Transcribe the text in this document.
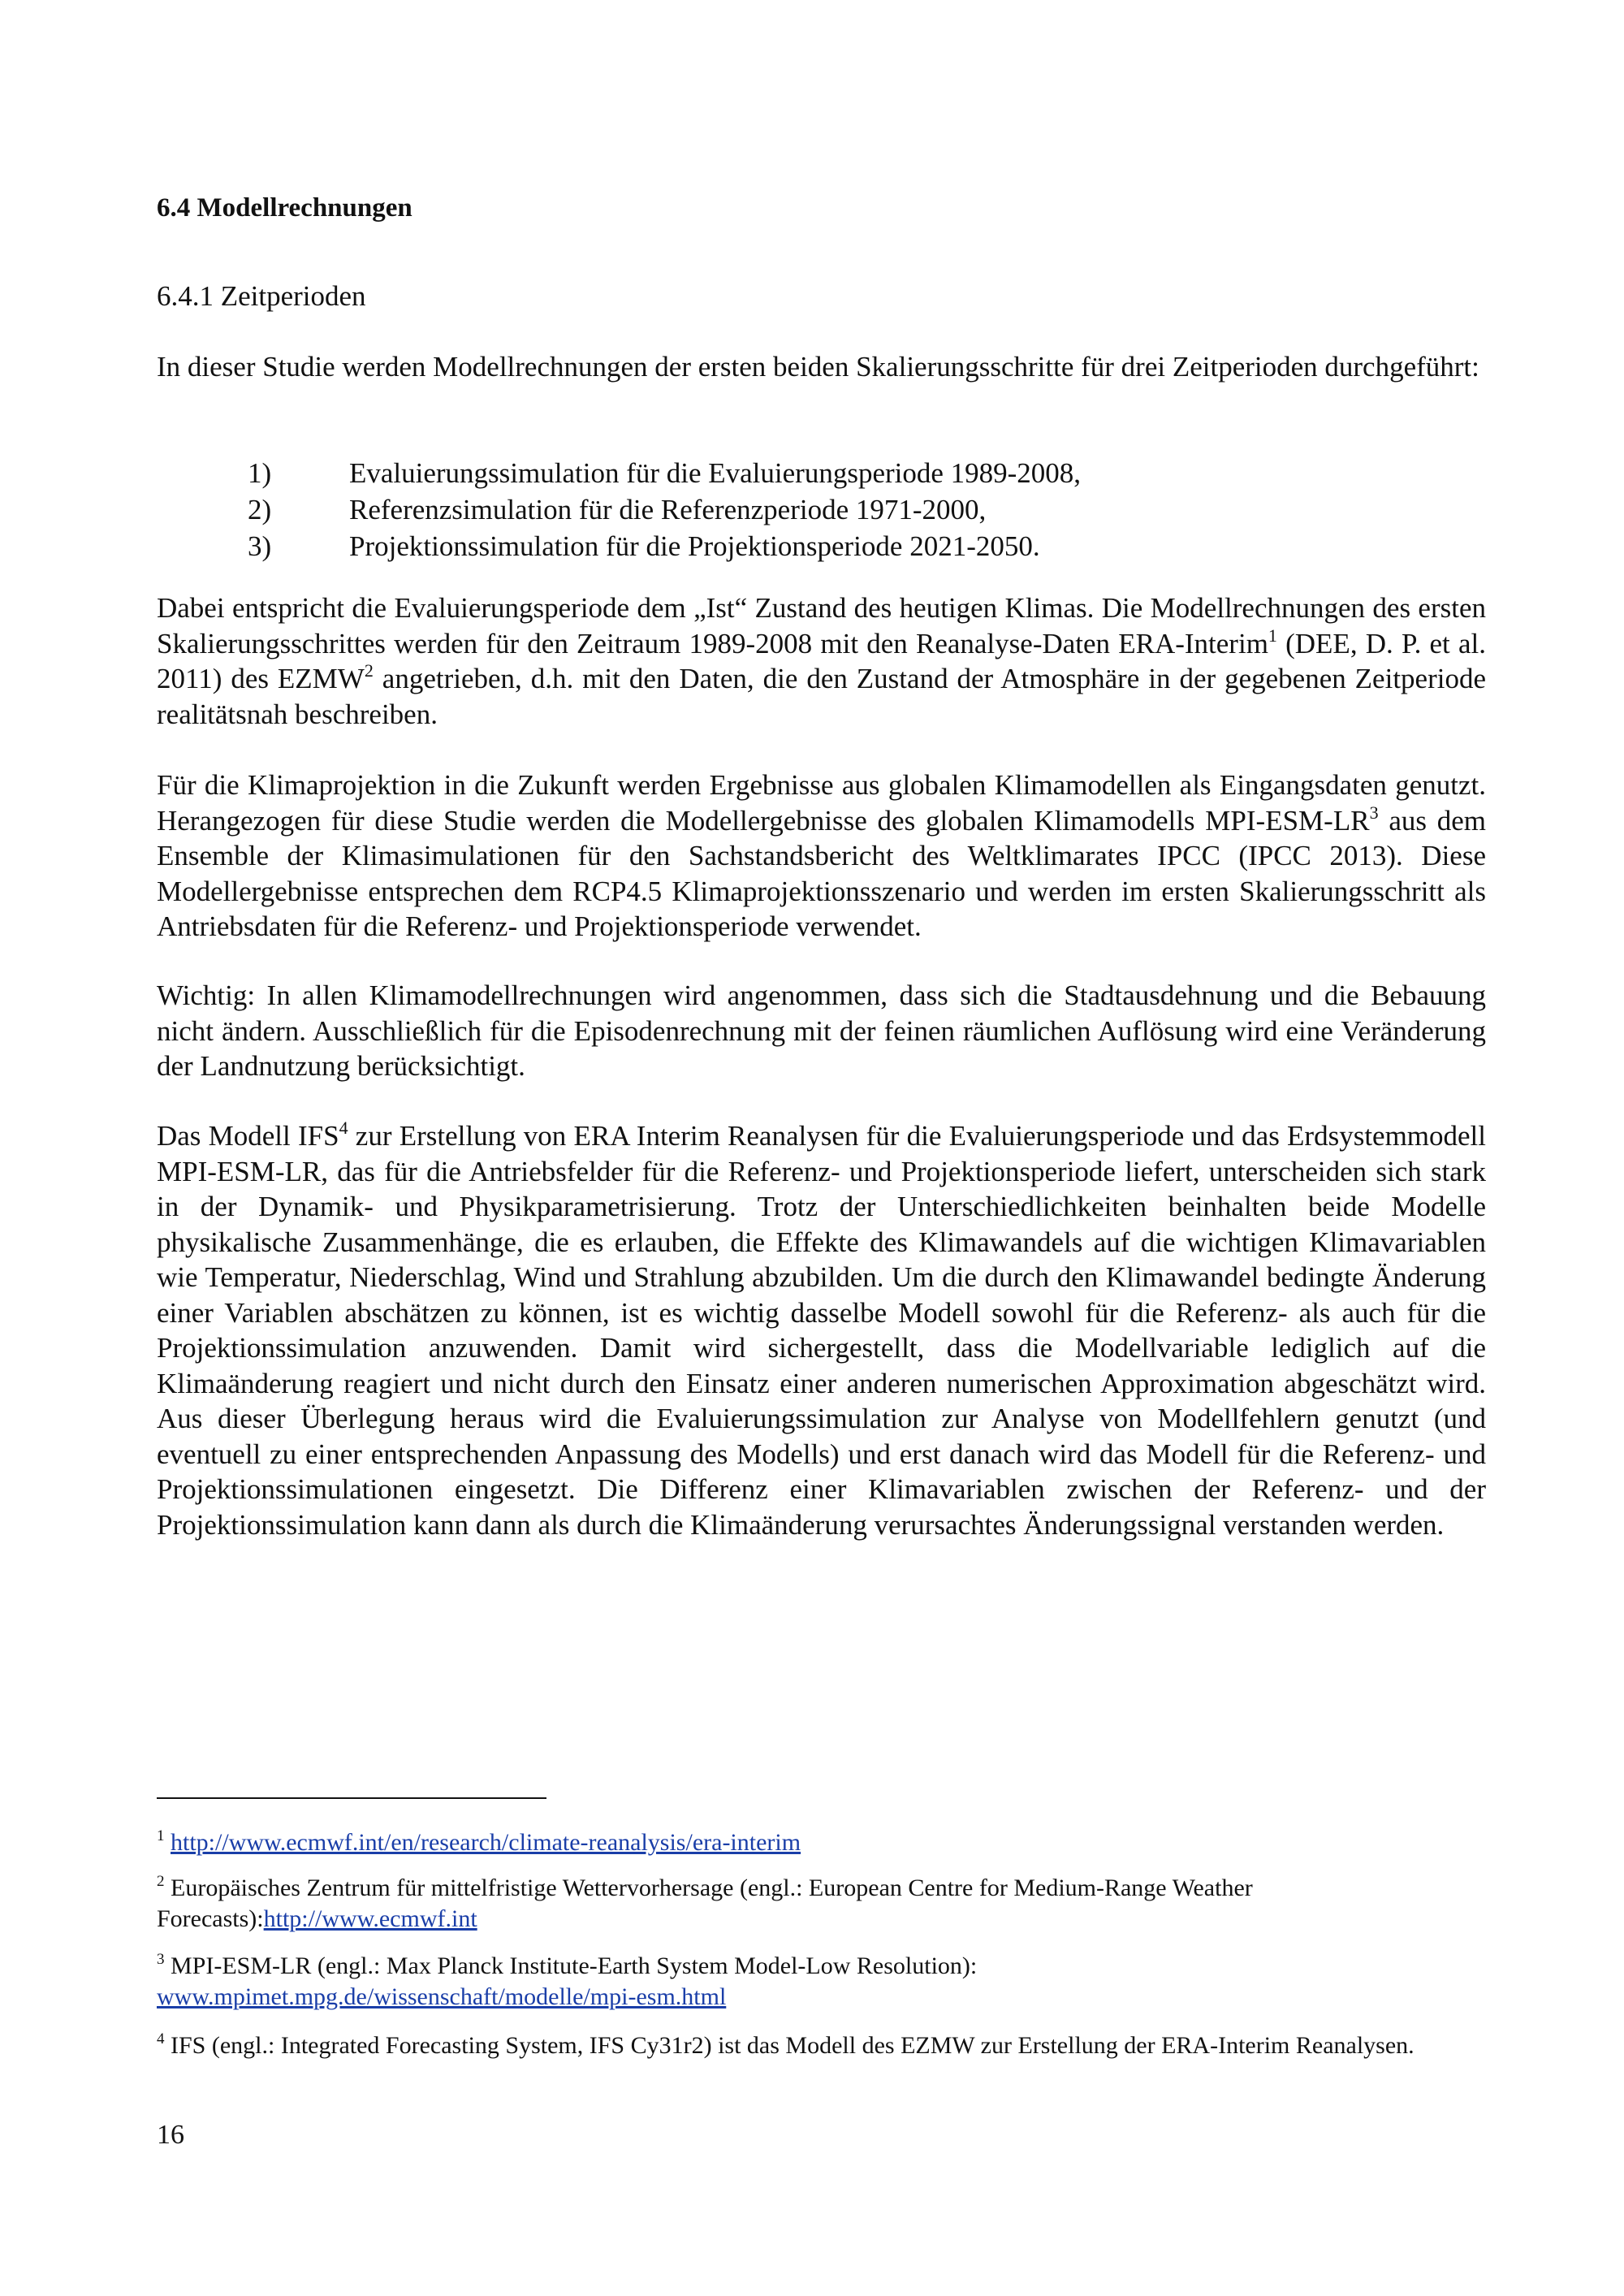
6.4 Modellrechnungen
6.4.1 Zeitperioden

In dieser Studie werden Modellrechnungen der ersten beiden Skalierungsschritte für drei Zeitperioden durchgeführt:

1)	Evaluierungssimulation für die Evaluierungsperiode 1989-2008,
2)	Referenzsimulation für die Referenzperiode 1971-2000,
3)	Projektionssimulation für die Projektionsperiode 2021-2050.

Dabei entspricht die Evaluierungsperiode dem „Ist“ Zustand des heutigen Klimas. Die Modellrechnungen des ersten Skalierungsschrittes werden für den Zeitraum 1989-2008 mit den Reanalyse-Daten ERA-Interim$^1$ (DEE, D. P. et al. 2011) des EZMW$^2$ angetrieben, d.h. mit den Daten, die den Zustand der Atmosphäre in der gegebenen Zeitperiode realitätsnah beschreiben.

Für die Klimaprojektion in die Zukunft werden Ergebnisse aus globalen Klimamodellen als Eingangsdaten genutzt. Herangezogen für diese Studie werden die Modellergebnisse des globalen Klimamodells MPI-$ESM-LR^3$ aus dem Ensemble der Klimasimulationen für den Sachstandsbericht des Weltklimarates IPCC (IPCC 2013). Diese Modellergebnisse entsprechen dem RCP4.5 Klimaprojektionsszenario und werden im ersten Skalierungsschritt als Antriebsdaten für die Referenz- und Projektionsperiode verwendet.

Wichtig: In allen Klimamodellrechnungen wird angenommen, dass sich die Stadtausdehnung und die Bebauung nicht ändern. Ausschließlich für die Episodenrechnung mit der feinen räumlichen Auflösung wird eine Veränderung der Landnutzung berücksichtigt.

Das Modell IFS$^4$ zur Erstellung von ERA Interim Reanalysen für die Evaluierungsperiode und das Erdsystemmodell MPI-ESM-LR, das für die Antriebsfelder für die Referenz- und Projektionsperiode liefert, unterscheiden sich stark in der Dynamik- und Physikparametrisierung. Trotz der Unterschiedlichkeiten beinhalten beide Modelle physikalische Zusammenhänge, die es erlauben, die Effekte des Klimawandels auf die wichtigen Klimavariablen wie Temperatur, Niederschlag, Wind und Strahlung abzubilden. Um die durch den Klimawandel bedingte Änderung einer Variablen abschätzen zu können, ist es wichtig dasselbe Modell sowohl für die Referenz- als auch für die Projektionssimulation anzuwenden. Damit wird sichergestellt, dass die Modellvariable lediglich auf die Klimaänderung reagiert und nicht durch den Einsatz einer anderen numerischen Approximation abgeschätzt wird. Aus dieser Überlegung heraus wird die Evaluierungssimulation zur Analyse von Modellfehlern genutzt (und eventuell zu einer entsprechenden Anpassung des Modells) und erst danach wird das Modell für die Referenz- und Projektionssimulationen eingesetzt. Die Differenz einer Klimavariablen zwischen der Referenz- und der Projektionssimulation kann dann als durch die Klimaänderung verursachtes Änderungssignal verstanden werden.

$^1$ http://www.ecmwf.int/en/research/climate-reanalysis/era-interim

$^2$ Europäisches Zentrum für mittelfristige Wettervorhersage (engl.: European Centre for Medium-Range Weather Forecasts):http://www.ecmwf.int

$^3$ MPI-ESM-LR (engl.: Max Planck Institute-Earth System Model-Low Resolution):
www.mpimet.mpg.de/wissenschaft/modelle/mpi-esm.html

$^4$ IFS (engl.: Integrated Forecasting System, IFS Cy31r2) ist das Modell des EZMW zur Erstellung der ERA-Interim Reanalysen.

16
